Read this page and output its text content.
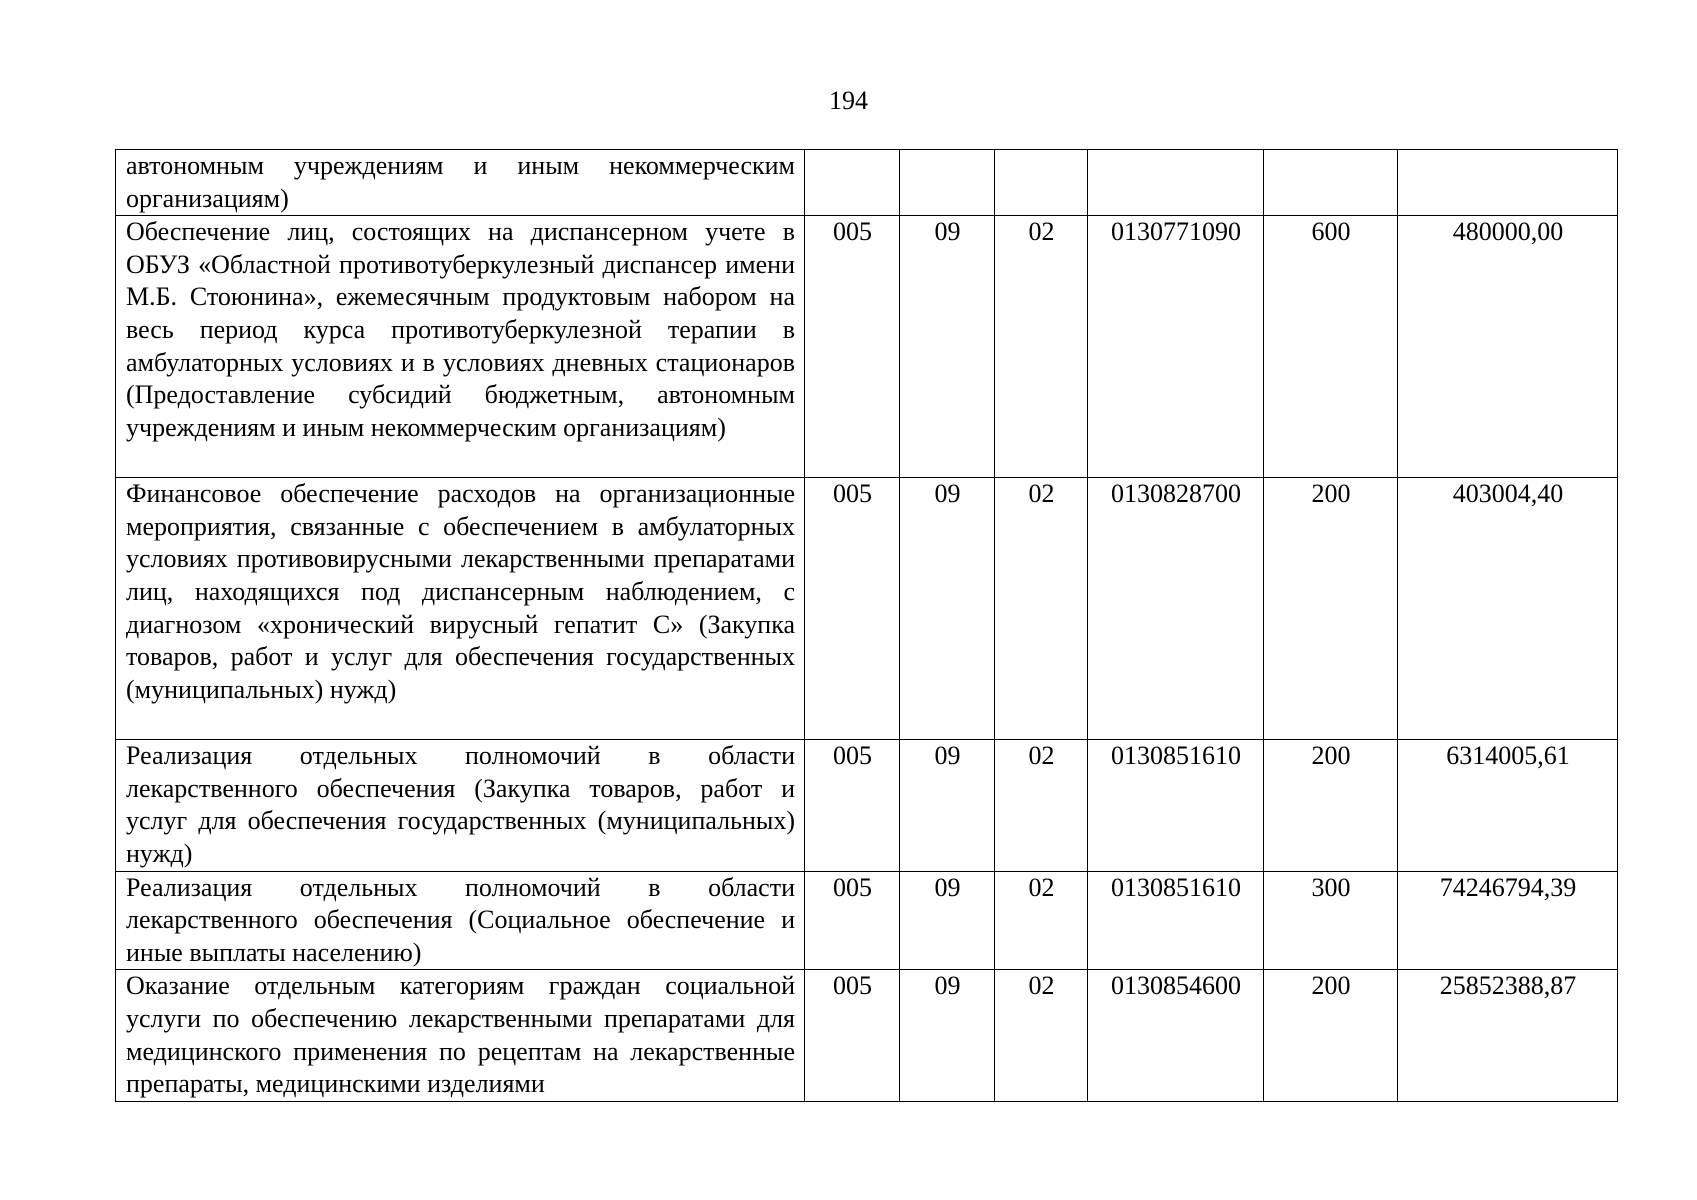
194
автономным учреждениям и иным некоммерческим организациям)						
Обеспечение лиц, состоящих на диспансерном учете в ОБУЗ «Областной противотуберкулезный диспансер имени М.Б. Стоюнина», ежемесячным продуктовым набором на весь период курса противотуберкулезной терапии в амбулаторных условиях и в условиях дневных стационаров (Предоставление субсидий бюджетным, автономным учреждениям и иным некоммерческим организациям)	005	09	02	0130771090	600	480000,00
Финансовое обеспечение расходов на организационные мероприятия, связанные с обеспечением в амбулаторных условиях противовирусными лекарственными препаратами лиц, находящихся под диспансерным наблюдением, с диагнозом «хронический вирусный гепатит С» (Закупка товаров, работ и услуг для обеспечения государственных (муниципальных) нужд)	005	09	02	0130828700	200	403004,40
Реализация отдельных полномочий в области лекарственного обеспечения (Закупка товаров, работ и услуг для обеспечения государственных (муниципальных) нужд)	005	09	02	0130851610	200	6314005,61
Реализация отдельных полномочий в области лекарственного обеспечения (Социальное обеспечение и иные выплаты населению)	005	09	02	0130851610	300	74246794,39
Оказание отдельным категориям граждан социальной услуги по обеспечению лекарственными препаратами для медицинского применения по рецептам на лекарственные препараты, медицинскими изделиями	005	09	02	0130854600	200	25852388,87
